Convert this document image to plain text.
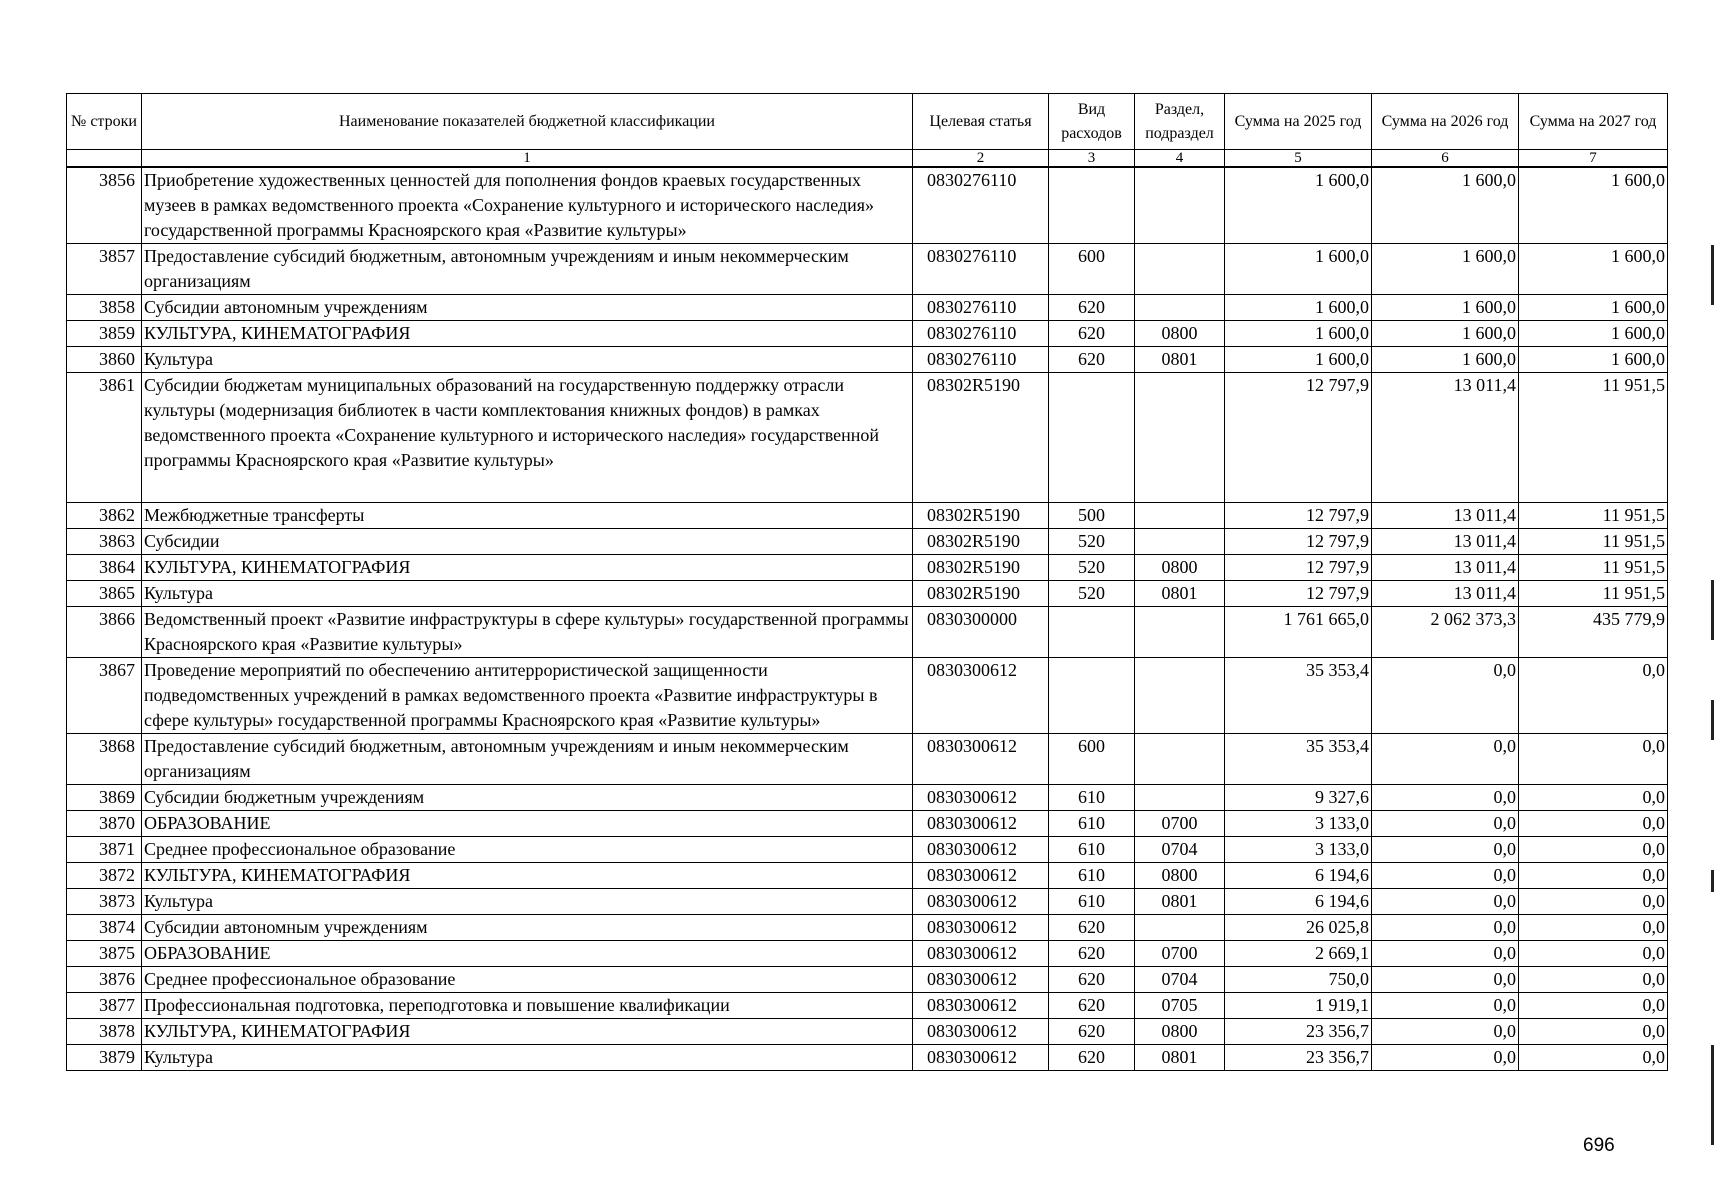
№ строки	Наименование показателей бюджетной классификации	Целевая статья	Вид расходов	Раздел, подраздел	Сумма на 2025 год	Сумма на 2026 год	Сумма на 2027 год
	1	2	3	4	5	6	7
3856	Приобретение художественных ценностей для пополнения фондов краевых государственных музеев в рамках ведомственного проекта «Сохранение культурного и исторического наследия» государственной программы Красноярского края «Развитие культуры»	0830276110			1 600,0	1 600,0	1 600,0
3857	Предоставление субсидий бюджетным, автономным учреждениям и иным некоммерческим организациям	0830276110	600		1 600,0	1 600,0	1 600,0
3858	Субсидии автономным учреждениям	0830276110	620		1 600,0	1 600,0	1 600,0
3859	КУЛЬТУРА, КИНЕМАТОГРАФИЯ	0830276110	620	0800	1 600,0	1 600,0	1 600,0
3860	Культура	0830276110	620	0801	1 600,0	1 600,0	1 600,0
3861	Субсидии бюджетам муниципальных образований на государственную поддержку отрасли культуры (модернизация библиотек в части комплектования книжных фондов) в рамках ведомственного проекта «Сохранение культурного и исторического наследия» государственной программы Красноярского края «Развитие культуры»	08302R5190			12 797,9	13 011,4	11 951,5
3862	Межбюджетные трансферты	08302R5190	500		12 797,9	13 011,4	11 951,5
3863	Субсидии	08302R5190	520		12 797,9	13 011,4	11 951,5
3864	КУЛЬТУРА, КИНЕМАТОГРАФИЯ	08302R5190	520	0800	12 797,9	13 011,4	11 951,5
3865	Культура	08302R5190	520	0801	12 797,9	13 011,4	11 951,5
3866	Ведомственный проект «Развитие инфраструктуры в сфере культуры» государственной программы Красноярского края «Развитие культуры»	0830300000			1 761 665,0	2 062 373,3	435 779,9
3867	Проведение мероприятий по обеспечению антитеррористической защищенности подведомственных учреждений в рамках ведомственного проекта «Развитие инфраструктуры в сфере культуры» государственной программы Красноярского края «Развитие культуры»	0830300612			35 353,4	0,0	0,0
3868	Предоставление субсидий бюджетным, автономным учреждениям и иным некоммерческим организациям	0830300612	600		35 353,4	0,0	0,0
3869	Субсидии бюджетным учреждениям	0830300612	610		9 327,6	0,0	0,0
3870	ОБРАЗОВАНИЕ	0830300612	610	0700	3 133,0	0,0	0,0
3871	Среднее профессиональное образование	0830300612	610	0704	3 133,0	0,0	0,0
3872	КУЛЬТУРА, КИНЕМАТОГРАФИЯ	0830300612	610	0800	6 194,6	0,0	0,0
3873	Культура	0830300612	610	0801	6 194,6	0,0	0,0
3874	Субсидии автономным учреждениям	0830300612	620		26 025,8	0,0	0,0
3875	ОБРАЗОВАНИЕ	0830300612	620	0700	2 669,1	0,0	0,0
3876	Среднее профессиональное образование	0830300612	620	0704	750,0	0,0	0,0
3877	Профессиональная подготовка, переподготовка и повышение квалификации	0830300612	620	0705	1 919,1	0,0	0,0
3878	КУЛЬТУРА, КИНЕМАТОГРАФИЯ	0830300612	620	0800	23 356,7	0,0	0,0
3879	Культура	0830300612	620	0801	23 356,7	0,0	0,0
696
